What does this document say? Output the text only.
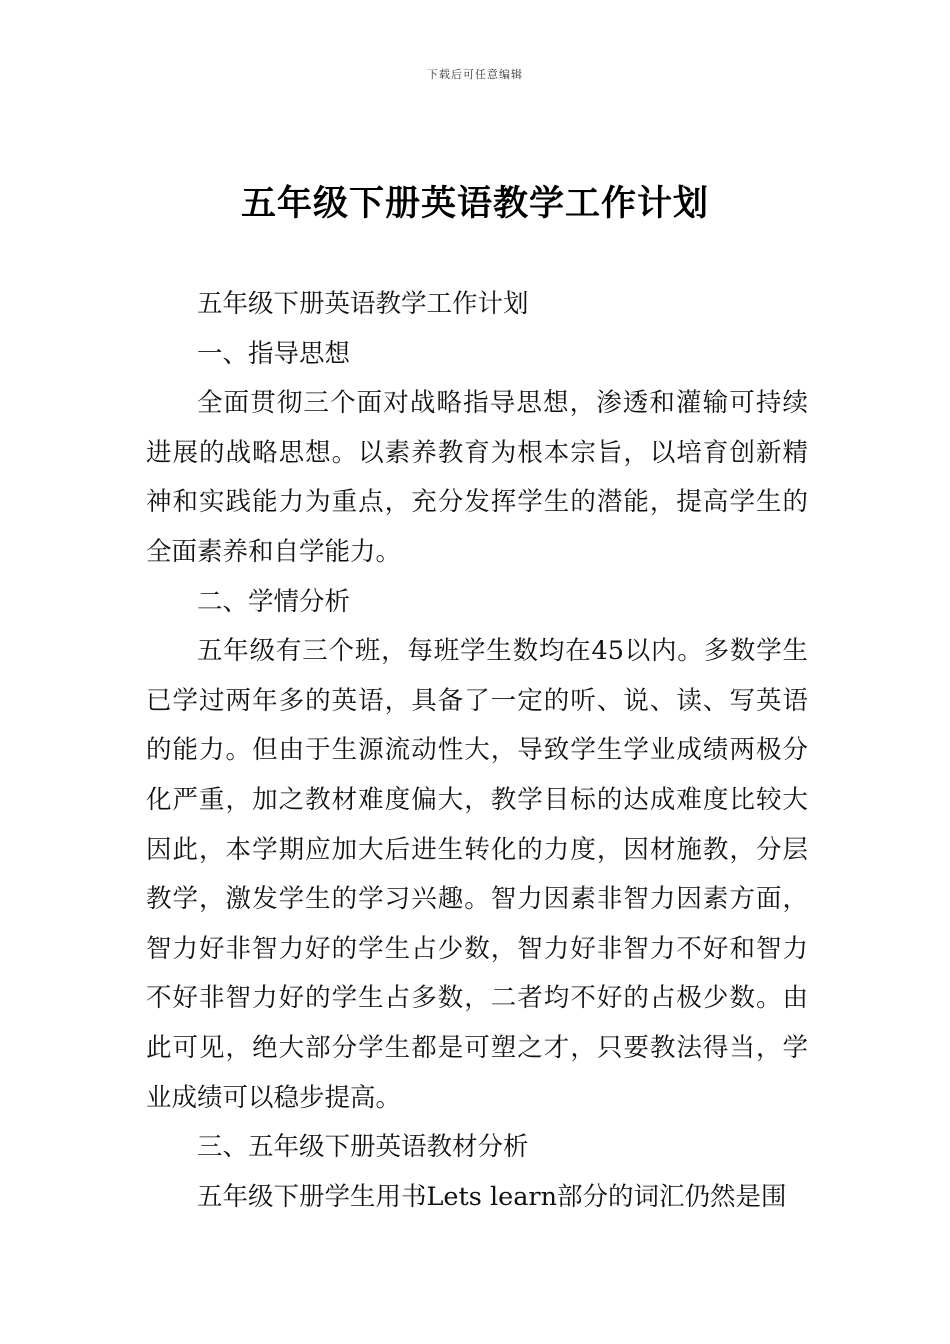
下载后可任意编辑
五年级下册英语教学工作计划

五年级下册英语教学工作计划

一、指导思想

全面贯彻三个面对战略指导思想，渗透和灌输可持续进展的战略思想。以素养教育为根本宗旨，以培育创新精神和实践能力为重点，充分发挥学生的潜能，提高学生的全面素养和自学能力。

二、学情分析

五年级有三个班，每班学生数均在45以内。多数学生已学过两年多的英语，具备了一定的听、说、读、写英语的能力。但由于生源流动性大，导致学生学业成绩两极分化严重，加之教材难度偏大，教学目标的达成难度比较大因此，本学期应加大后进生转化的力度，因材施教，分层教学，激发学生的学习兴趣。智力因素非智力因素方面，智力好非智力好的学生占少数，智力好非智力不好和智力不好非智力好的学生占多数，二者均不好的占极少数。由此可见，绝大部分学生都是可塑之才，只要教法得当，学业成绩可以稳步提高。

三、五年级下册英语教材分析

五年级下册学生用书Lets learn部分的词汇仍然是围
